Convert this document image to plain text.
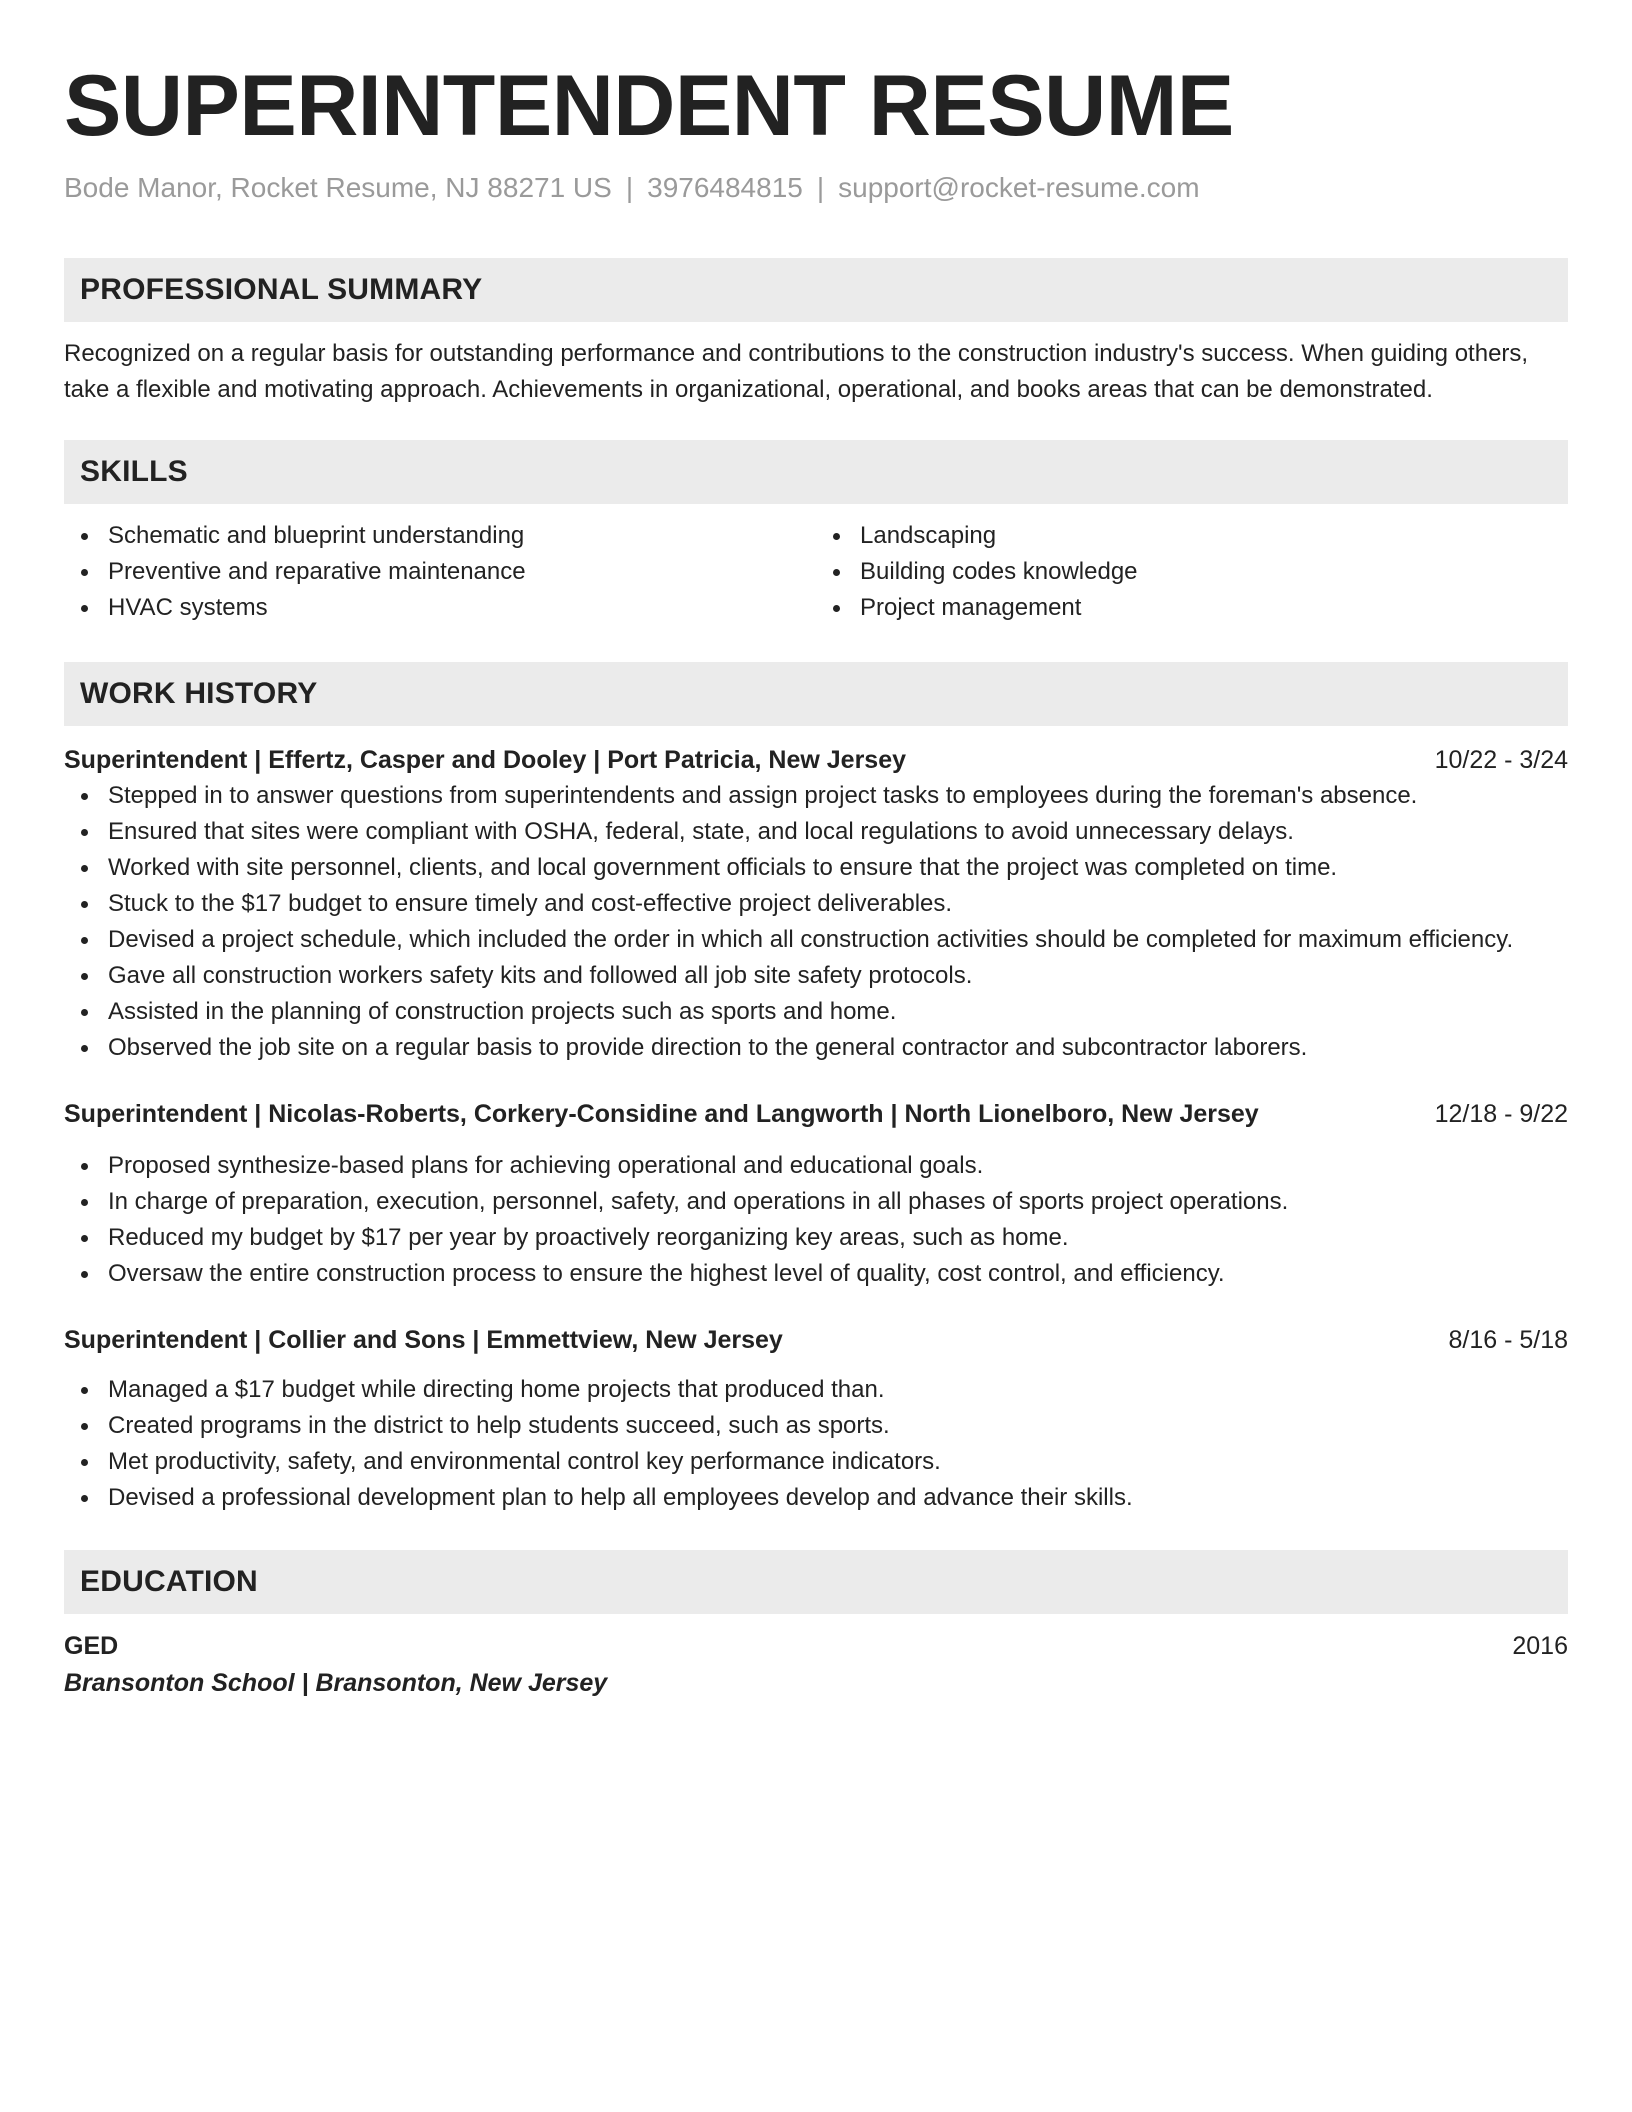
SUPERINTENDENT RESUME
Bode Manor, Rocket Resume, NJ 88271 US | 3976484815 | support@rocket-resume.com
PROFESSIONAL SUMMARY

Recognized on a regular basis for outstanding performance and contributions to the construction industry's success. When guiding others, take a flexible and motivating approach. Achievements in organizational, operational, and books areas that can be demonstrated.

SKILLS
Schematic and blueprint understanding
Preventive and reparative maintenance
HVAC systems
Landscaping
Building codes knowledge
Project management
WORK HISTORY
Superintendent | Effertz, Casper and Dooley | Port Patricia, New Jersey	10/22 - 3/24
Stepped in to answer questions from superintendents and assign project tasks to employees during the foreman's absence.
Ensured that sites were compliant with OSHA, federal, state, and local regulations to avoid unnecessary delays.
Worked with site personnel, clients, and local government officials to ensure that the project was completed on time.
Stuck to the $17 budget to ensure timely and cost-effective project deliverables.
Devised a project schedule, which included the order in which all construction activities should be completed for maximum efficiency.
Gave all construction workers safety kits and followed all job site safety protocols.
Assisted in the planning of construction projects such as sports and home.
Observed the job site on a regular basis to provide direction to the general contractor and subcontractor laborers.
Superintendent | Nicolas-Roberts, Corkery-Considine and Langworth | North Lionelboro, New Jersey	12/18 - 9/22
Proposed synthesize-based plans for achieving operational and educational goals.
In charge of preparation, execution, personnel, safety, and operations in all phases of sports project operations.
Reduced my budget by $17 per year by proactively reorganizing key areas, such as home.
Oversaw the entire construction process to ensure the highest level of quality, cost control, and efficiency.
Superintendent | Collier and Sons | Emmettview, New Jersey	8/16 - 5/18
Managed a $17 budget while directing home projects that produced than.
Created programs in the district to help students succeed, such as sports.
Met productivity, safety, and environmental control key performance indicators.
Devised a professional development plan to help all employees develop and advance their skills.
EDUCATION
GED	2016
Bransonton School | Bransonton, New Jersey
